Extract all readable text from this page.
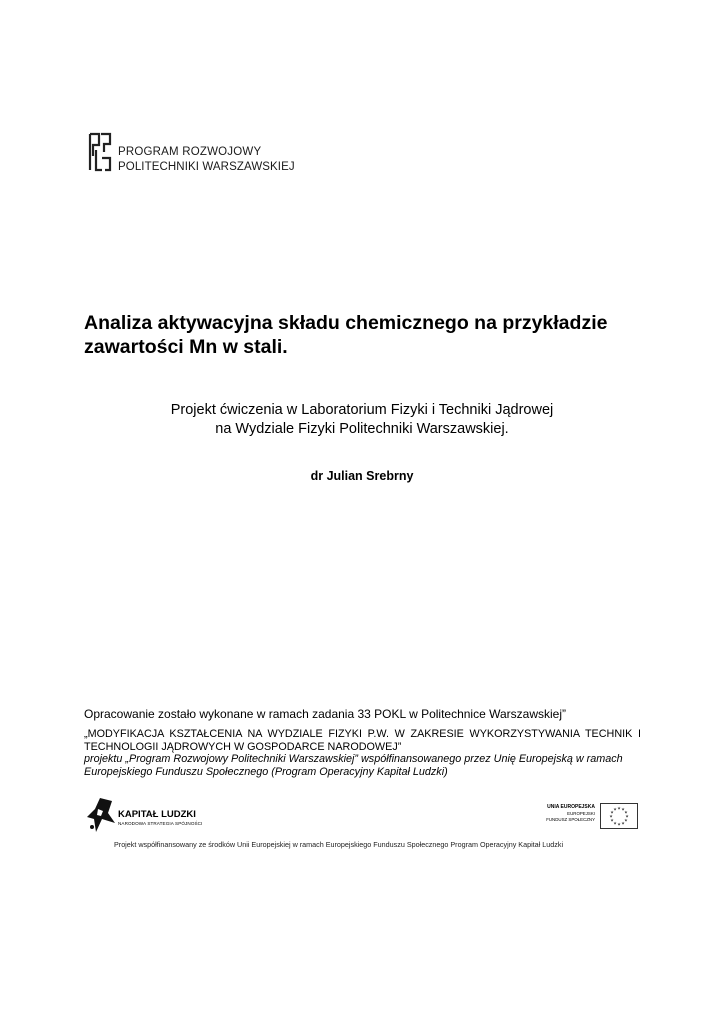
PROGRAM ROZWOJOWY
POLITECHNIKI WARSZAWSKIEJ
Analiza aktywacyjna składu chemicznego na przykładzie
zawartości Mn w stali.
Projekt ćwiczenia w Laboratorium Fizyki i Techniki Jądrowej
na Wydziale Fizyki Politechniki Warszawskiej.
dr Julian Srebrny
Opracowanie zostało wykonane w ramach zadania 33 POKL w Politechnice Warszawskiej”
„MODYFIKACJA KSZTAŁCENIA NA WYDZIALE FIZYKI P.W. W ZAKRESIE WYKORZYSTYWANIA TECHNIK I TECHNOLOGII JĄDROWYCH W GOSPODARCE NARODOWEJ”
projektu „Program Rozwojowy Politechniki Warszawskiej” współfinansowanego przez Unię Europejską w ramach
Europejskiego Funduszu Społecznego (Program Operacyjny Kapitał Ludzki)
KAPITAŁ LUDZKI
NARODOWA STRATEGIA SPÓJNOŚCI
UNIA EUROPEJSKA
EUROPEJSKI
FUNDUSZ SPOŁECZNY
★ ★
★
★
★
★
★
★
★
★
★
★
Projekt współfinansowany ze środków Unii Europejskiej w ramach Europejskiego Funduszu Społecznego Program Operacyjny Kapitał Ludzki
